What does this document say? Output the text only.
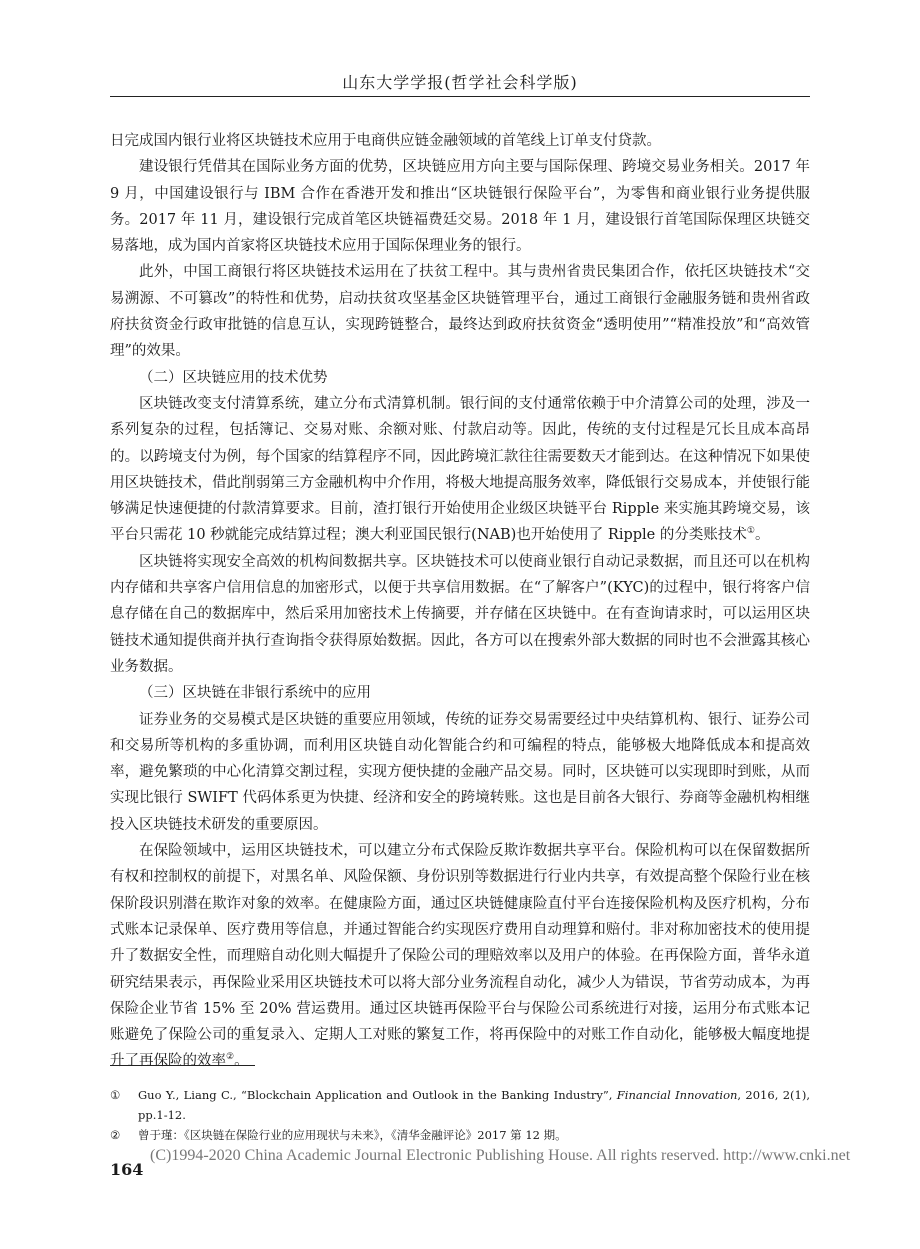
山东大学学报(哲学社会科学版)

日完成国内银行业将区块链技术应用于电商供应链金融领域的首笔线上订单支付贷款。

建设银行凭借其在国际业务方面的优势，区块链应用方向主要与国际保理、跨境交易业务相关。2017 年 9 月，中国建设银行与 IBM 合作在香港开发和推出“区块链银行保险平台”，为零售和商业银行业务提供服务。2017 年 11 月，建设银行完成首笔区块链福费廷交易。2018 年 1 月，建设银行首笔国际保理区块链交易落地，成为国内首家将区块链技术应用于国际保理业务的银行。

此外，中国工商银行将区块链技术运用在了扶贫工程中。其与贵州省贵民集团合作，依托区块链技术“交易溯源、不可篡改”的特性和优势，启动扶贫攻坚基金区块链管理平台，通过工商银行金融服务链和贵州省政府扶贫资金行政审批链的信息互认，实现跨链整合，最终达到政府扶贫资金“透明使用”“精准投放”和“高效管理”的效果。

（二）区块链应用的技术优势

区块链改变支付清算系统，建立分布式清算机制。银行间的支付通常依赖于中介清算公司的处理，涉及一系列复杂的过程，包括簿记、交易对账、余额对账、付款启动等。因此，传统的支付过程是冗长且成本高昂的。以跨境支付为例，每个国家的结算程序不同，因此跨境汇款往往需要数天才能到达。在这种情况下如果使用区块链技术，借此削弱第三方金融机构中介作用，将极大地提高服务效率，降低银行交易成本，并使银行能够满足快速便捷的付款清算要求。目前，渣打银行开始使用企业级区块链平台 Ripple 来实施其跨境交易，该平台只需花 10 秒就能完成结算过程；澳大利亚国民银行(NAB)也开始使用了 Ripple 的分类账技术①。

区块链将实现安全高效的机构间数据共享。区块链技术可以使商业银行自动记录数据，而且还可以在机构内存储和共享客户信用信息的加密形式，以便于共享信用数据。在“了解客户”(KYC)的过程中，银行将客户信息存储在自己的数据库中，然后采用加密技术上传摘要，并存储在区块链中。在有查询请求时，可以运用区块链技术通知提供商并执行查询指令获得原始数据。因此，各方可以在搜索外部大数据的同时也不会泄露其核心业务数据。

（三）区块链在非银行系统中的应用

证券业务的交易模式是区块链的重要应用领域，传统的证券交易需要经过中央结算机构、银行、证券公司和交易所等机构的多重协调，而利用区块链自动化智能合约和可编程的特点，能够极大地降低成本和提高效率，避免繁琐的中心化清算交割过程，实现方便快捷的金融产品交易。同时，区块链可以实现即时到账，从而实现比银行 SWIFT 代码体系更为快捷、经济和安全的跨境转账。这也是目前各大银行、券商等金融机构相继投入区块链技术研发的重要原因。

在保险领域中，运用区块链技术，可以建立分布式保险反欺诈数据共享平台。保险机构可以在保留数据所有权和控制权的前提下，对黑名单、风险保额、身份识别等数据进行行业内共享，有效提高整个保险行业在核保阶段识别潜在欺诈对象的效率。在健康险方面，通过区块链健康险直付平台连接保险机构及医疗机构，分布式账本记录保单、医疗费用等信息，并通过智能合约实现医疗费用自动理算和赔付。非对称加密技术的使用提升了数据安全性，而理赔自动化则大幅提升了保险公司的理赔效率以及用户的体验。在再保险方面，普华永道研究结果表示，再保险业采用区块链技术可以将大部分业务流程自动化，减少人为错误，节省劳动成本，为再保险企业节省 15% 至 20% 营运费用。通过区块链再保险平台与保险公司系统进行对接，运用分布式账本记账避免了保险公司的重复录入、定期人工对账的繁复工作，将再保险中的对账工作自动化，能够极大幅度地提升了再保险的效率②。

①	Guo Y., Liang C., “Blockchain Application and Outlook in the Banking Industry”, Financial Innovation, 2016, 2(1), pp.1-12.
②	曾于瑾：《区块链在保险行业的应用现状与未来》，《清华金融评论》2017 第 12 期。
(C)1994-2020 China Academic Journal Electronic Publishing House. All rights reserved. http://www.cnki.net
164
